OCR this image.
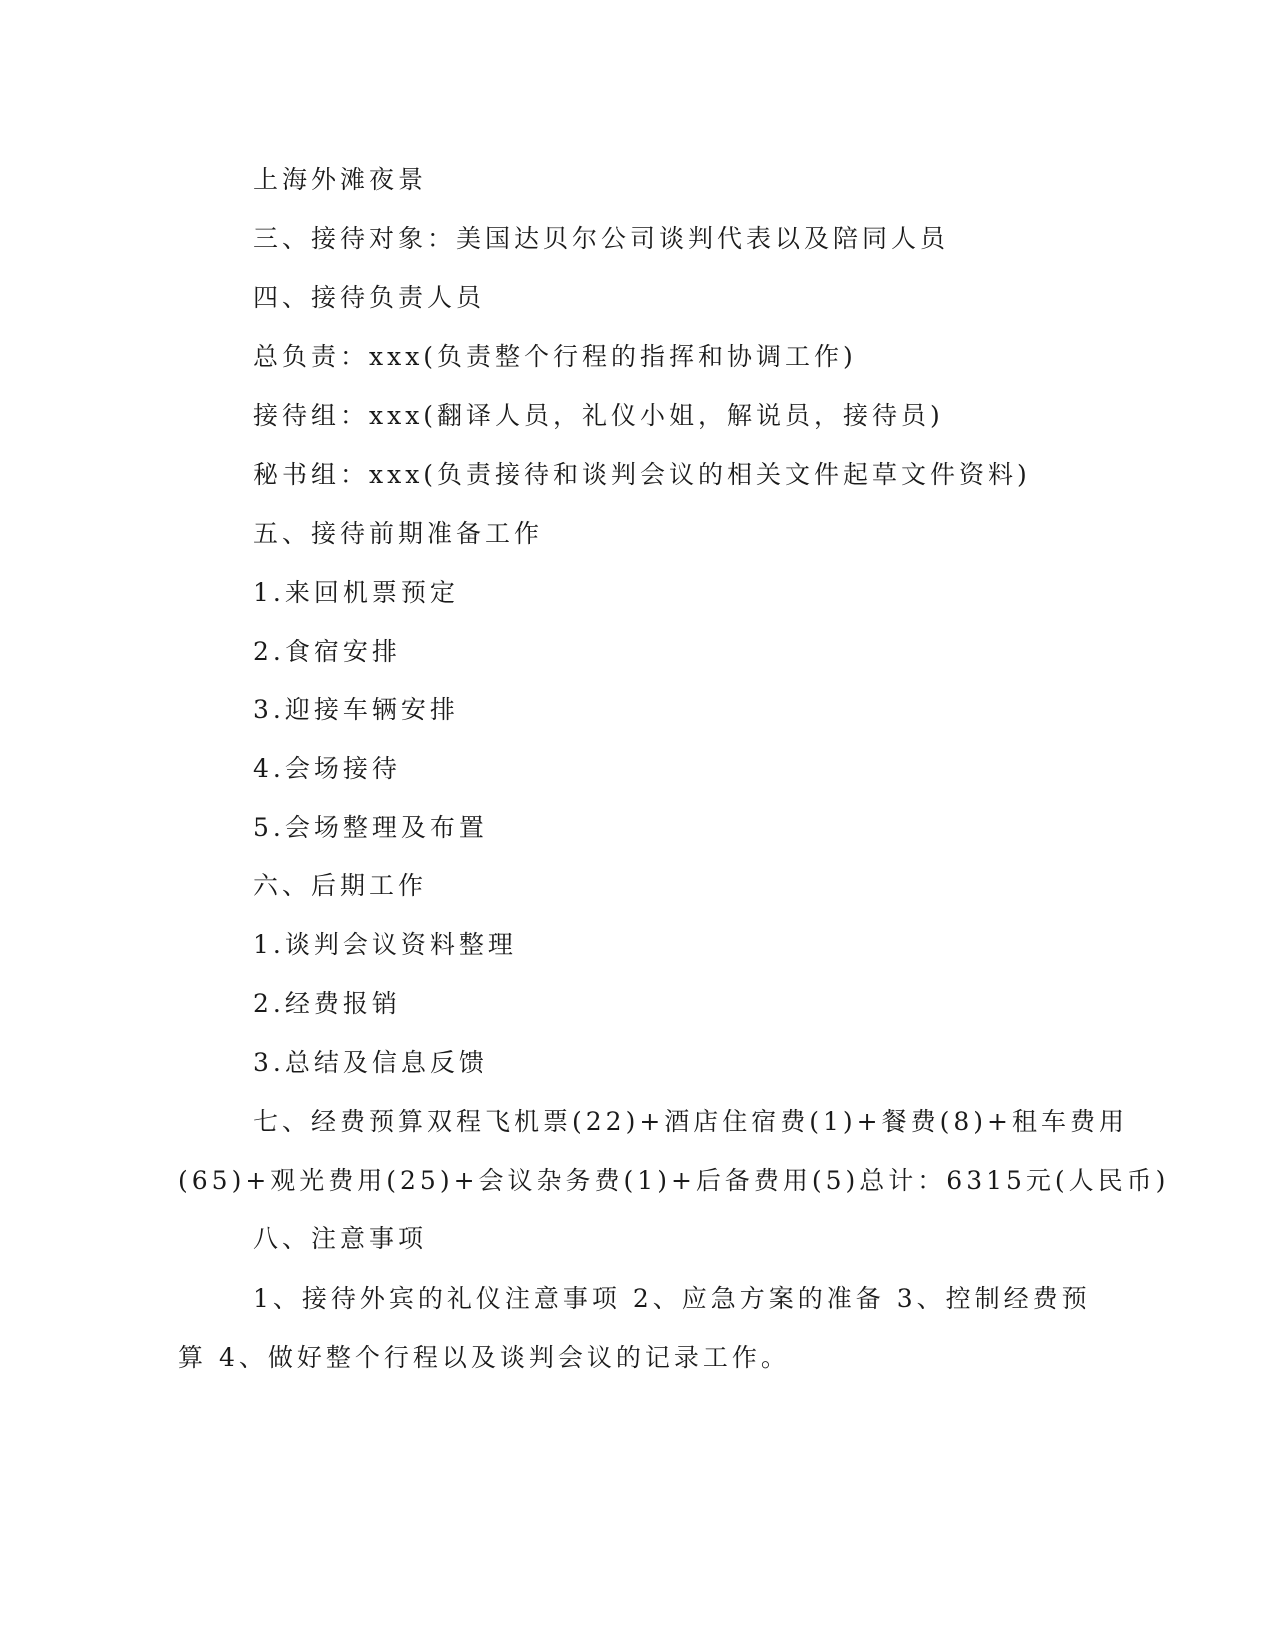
上海外滩夜景
三、接待对象：美国达贝尔公司谈判代表以及陪同人员
四、接待负责人员
总负责：xxx(负责整个行程的指挥和协调工作)
接待组：xxx(翻译人员，礼仪小姐，解说员，接待员)
秘书组：xxx(负责接待和谈判会议的相关文件起草文件资料)
五、接待前期准备工作
1.来回机票预定
2.食宿安排
3.迎接车辆安排
4.会场接待
5.会场整理及布置
六、后期工作
1.谈判会议资料整理
2.经费报销
3.总结及信息反馈
七、经费预算双程飞机票(22)+酒店住宿费(1)+餐费(8)+租车费用
(65)+观光费用(25)+会议杂务费(1)+后备费用(5)总计：6315元(人民币)
八、注意事项
1、接待外宾的礼仪注意事项 2、应急方案的准备 3、控制经费预
算 4、做好整个行程以及谈判会议的记录工作。
